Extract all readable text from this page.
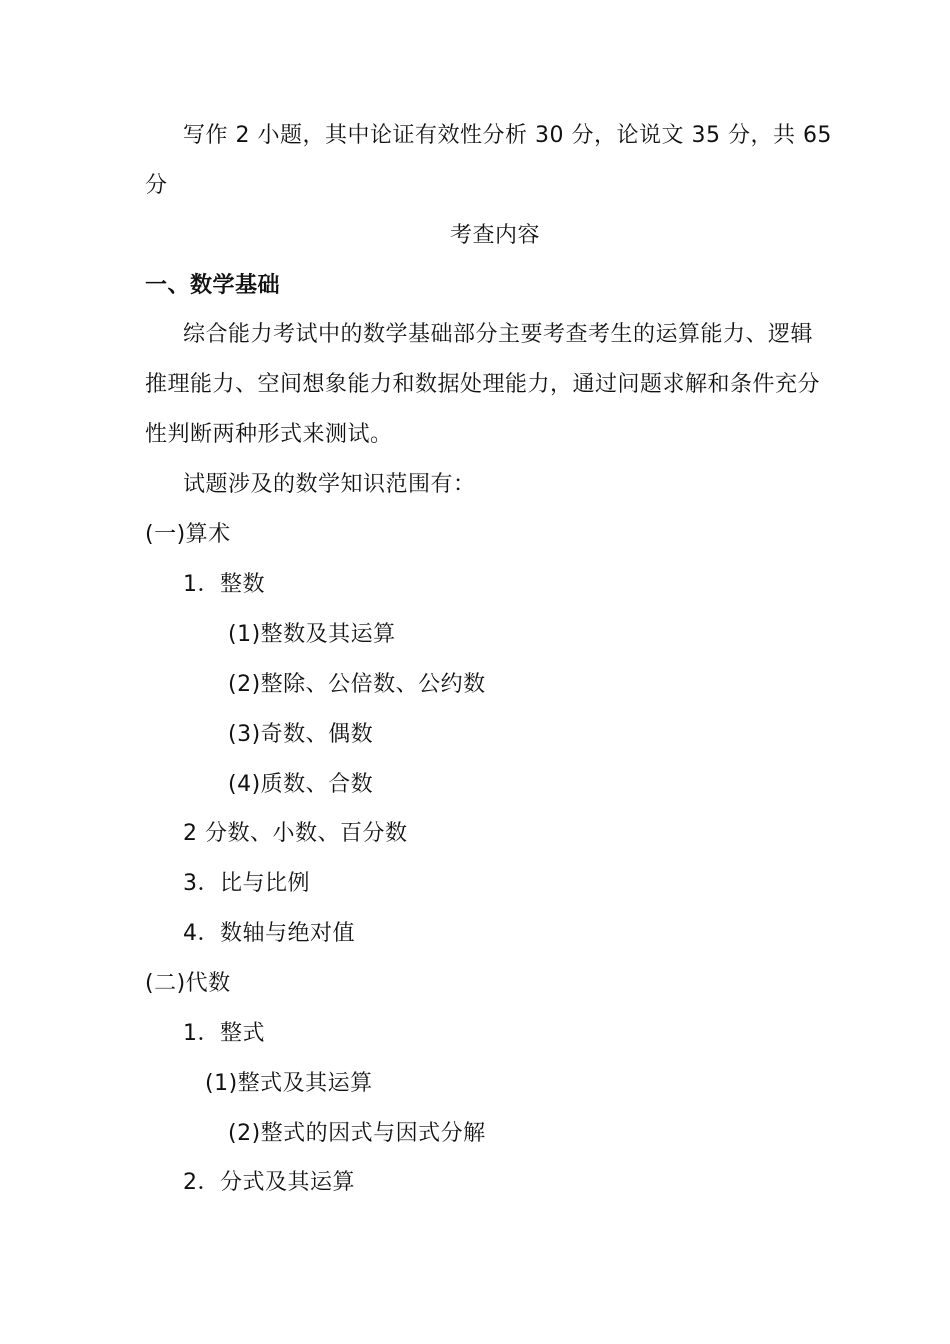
写作 2 小题，其中论证有效性分析 30 分，论说文 35 分，共 65
分
考查内容
一、数学基础
综合能力考试中的数学基础部分主要考查考生的运算能力、逻辑
推理能力、空间想象能力和数据处理能力，通过问题求解和条件充分
性判断两种形式来测试。
试题涉及的数学知识范围有：
(一)算术
1．整数
(1)整数及其运算
(2)整除、公倍数、公约数
(3)奇数、偶数
(4)质数、合数
2 分数、小数、百分数
3．比与比例
4．数轴与绝对值
(二)代数
1．整式
(1)整式及其运算
(2)整式的因式与因式分解
2．分式及其运算
